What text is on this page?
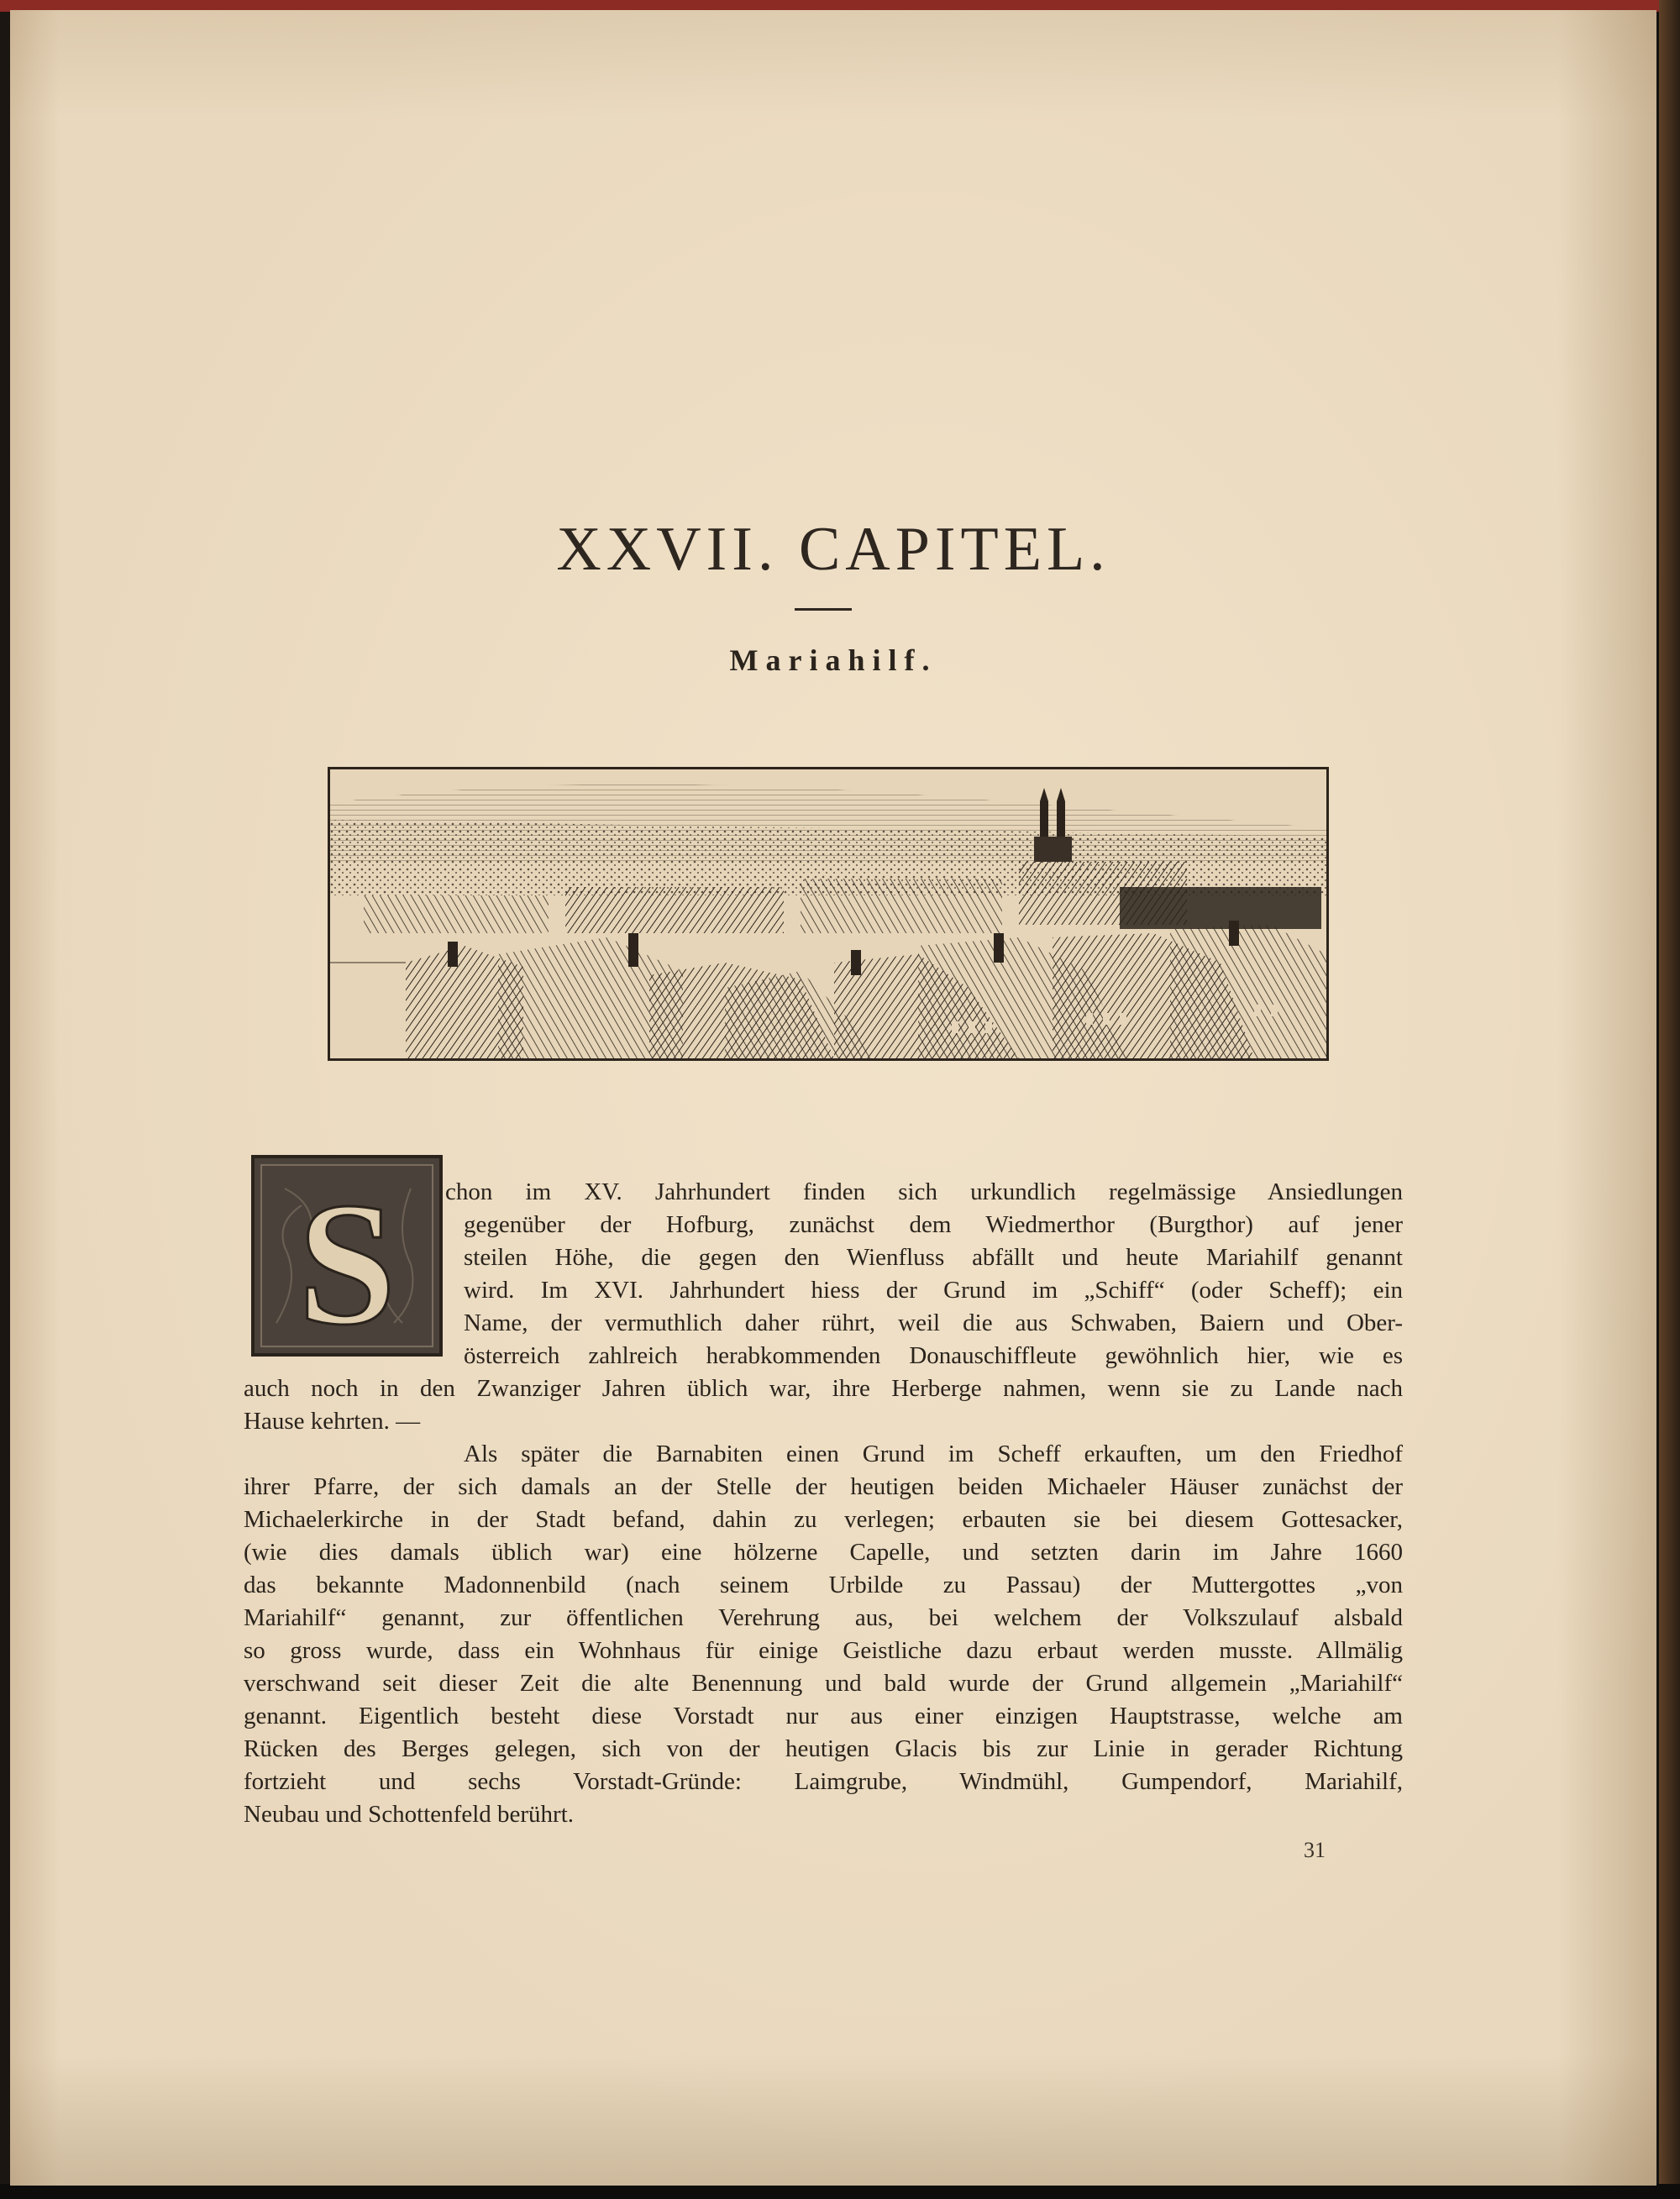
XXVII. CAPITEL.
Mariahilf.
S	chon im XV. Jahrhundert finden sich urkundlich regelmässige Ansiedlungen
gegenüber der Hofburg, zunächst dem Wiedmerthor (Burgthor) auf jener
steilen Höhe, die gegen den Wienfluss abfällt und heute Mariahilf genannt
wird. Im XVI. Jahrhundert hiess der Grund im „Schiff“ (oder Scheff); ein
Name, der vermuthlich daher rührt, weil die aus Schwaben, Baiern und Ober-
österreich zahlreich herabkommenden Donauschiffleute gewöhnlich hier, wie es
auch noch in den Zwanziger Jahren üblich war, ihre Herberge nahmen, wenn sie zu Lande nach
Hause kehrten. —
Als später die Barnabiten einen Grund im Scheff erkauften, um den Friedhof
ihrer Pfarre, der sich damals an der Stelle der heutigen beiden Michaeler Häuser zunächst der
Michaelerkirche in der Stadt befand, dahin zu verlegen; erbauten sie bei diesem Gottesacker,
(wie dies damals üblich war) eine hölzerne Capelle, und setzten darin im Jahre 1660
das bekannte Madonnenbild (nach seinem Urbilde zu Passau) der Muttergottes „von
Mariahilf“ genannt, zur öffentlichen Verehrung aus, bei welchem der Volkszulauf alsbald
so gross wurde, dass ein Wohnhaus für einige Geistliche dazu erbaut werden musste. Allmälig
verschwand seit dieser Zeit die alte Benennung und bald wurde der Grund allgemein „Mariahilf“
genannt. Eigentlich besteht diese Vorstadt nur aus einer einzigen Hauptstrasse, welche am
Rücken des Berges gelegen, sich von der heutigen Glacis bis zur Linie in gerader Richtung
fortzieht und sechs Vorstadt-Gründe: Laimgrube, Windmühl, Gumpendorf, Mariahilf,
Neubau und Schottenfeld berührt.
31
